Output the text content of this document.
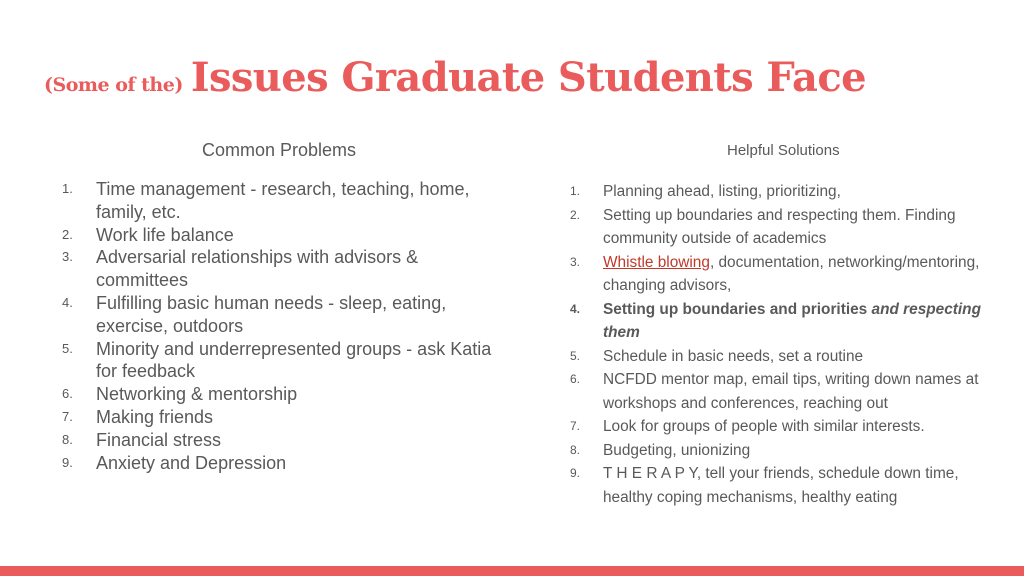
(Some of the) Issues Graduate Students Face
Common Problems	Helpful Solutions
1. Time management - research, teaching, home, family, etc.
2. Work life balance
3. Adversarial relationships with advisors & committees
4. Fulfilling basic human needs - sleep, eating, exercise, outdoors
5. Minority and underrepresented groups - ask Katia for feedback
6. Networking & mentorship
7. Making friends
8. Financial stress
9. Anxiety and Depression
1. Planning ahead, listing, prioritizing,
2. Setting up boundaries and respecting them. Finding community outside of academics
3. Whistle blowing, documentation, networking/mentoring, changing advisors,
4. Setting up boundaries and priorities and respecting them
5. Schedule in basic needs, set a routine
6. NCFDD mentor map, email tips, writing down names at workshops and conferences, reaching out
7. Look for groups of people with similar interests.
8. Budgeting, unionizing
9. T H E R A P Y, tell your friends, schedule down time, healthy coping mechanisms, healthy eating
